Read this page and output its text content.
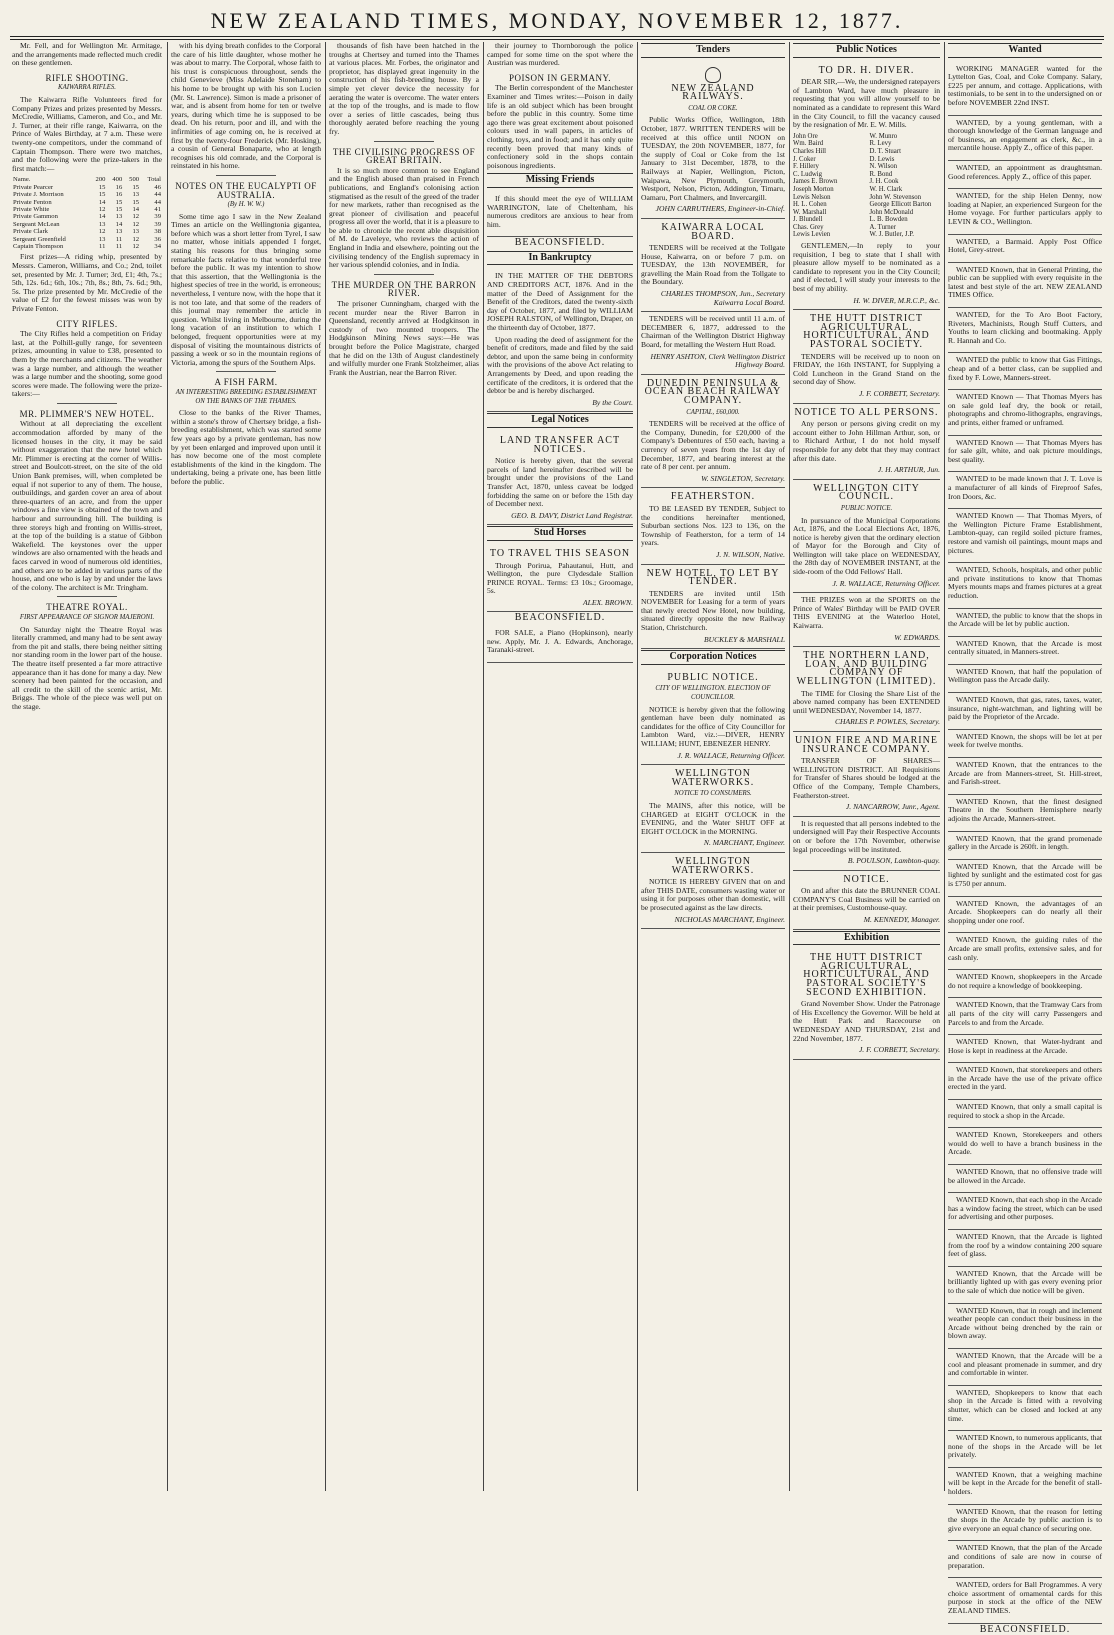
NEW ZEALAND TIMES, MONDAY, NOVEMBER 12, 1877.

Mr. Fell, and for Wellington Mr. Armitage, and the arrangements made reflected much credit on these gentlemen.

RIFLE SHOOTING.
KAIWARRA RIFLES.

The Kaiwarra Rifle Volunteers fired for Company Prizes and prizes presented by Messrs. McCredie, Williams, Cameron, and Co., and Mr. J. Turner, at their rifle range, Kaiwarra, on the Prince of Wales Birthday, at 7 a.m. These were twenty-one competitors, under the command of Captain Thompson. There were two matches, and the following were the prize-takers in the first match:—

Name.	200	400	500	Total
Private Pearcer	15	16	15	46
Private J. Morrison	15	16	13	44
Private Fenton	14	15	15	44
Private White	12	15	14	41
Private Gammon	14	13	12	39
Sergeant McLean	13	14	12	39
Private Clark	12	13	13	38
Sergeant Greenfield	13	11	12	36
Captain Thompson	11	11	12	34

First prizes—A riding whip, presented by Messrs. Cameron, Williams, and Co.; 2nd, toilet set, presented by Mr. J. Turner; 3rd, £1; 4th, 7s.; 5th, 12s. 6d.; 6th, 10s.; 7th, 8s.; 8th, 7s. 6d.; 9th, 5s. The prize presented by Mr. McCredie of the value of £2 for the fewest misses was won by Private Fenton.

CITY RIFLES.

The City Rifles held a competition on Friday last, at the Polhill-gully range, for seventeen prizes, amounting in value to £38, presented to them by the merchants and citizens. The weather was a large number, and although the weather was a large number and the shooting, some good scores were made. The following were the prize-takers:—

MR. PLIMMER'S NEW HOTEL.

Without at all depreciating the excellent accommodation afforded by many of the licensed houses in the city, it may be said without exaggeration that the new hotel which Mr. Plimmer is erecting at the corner of Willis-street and Boulcott-street, on the site of the old Union Bank premises, will, when completed be equal if not superior to any of them. The house, outbuildings, and garden cover an area of about three-quarters of an acre, and from the upper windows a fine view is obtained of the town and harbour and surrounding hill. The building is three storeys high and fronting on Willis-street, at the top of the building is a statue of Gibbon Wakefield. The keystones over the upper windows are also ornamented with the heads and faces carved in wood of numerous old identities, and others are to be added in various parts of the house, and one who is lay by and under the laws of the colony. The architect is Mr. Tringham.

THEATRE ROYAL.
FIRST APPEARANCE OF SIGNOR MAJERONI.

On Saturday night the Theatre Royal was literally crammed, and many had to be sent away from the pit and stalls, there being neither sitting nor standing room in the lower part of the house. The theatre itself presented a far more attractive appearance than it has done for many a day. New scenery had been painted for the occasion, and all credit to the skill of the scenic artist, Mr. Briggs. The whole of the piece was well put on the stage.

with his dying breath confides to the Corporal the care of his little daughter, whose mother he was about to marry. The Corporal, whose faith to his trust is conspicuous throughout, sends the child Genevieve (Miss Adelaide Stoneham) to his home to be brought up with his son Lucien (Mr. St. Lawrence). Simon is made a prisoner of war, and is absent from home for ten or twelve years, during which time he is supposed to be dead. On his return, poor and ill, and with the infirmities of age coming on, he is received at first by the twenty-four Frederick (Mr. Hosking), a cousin of General Bonaparte, who at length recognises his old comrade, and the Corporal is reinstated in his home.

NOTES ON THE EUCALYPTI OF AUSTRALIA.
(By H. W. W.)

Some time ago I saw in the New Zealand Times an article on the Wellingtonia gigantea, before which was a short letter from Tyrel, I saw no matter, whose initials appended I forget, stating his reasons for thus bringing some remarkable facts relative to that wonderful tree before the public. It was my intention to show that this assertion, that the Wellingtonia is the highest species of tree in the world, is erroneous; nevertheless, I venture now, with the hope that it is not too late, and that some of the readers of this journal may remember the article in question. Whilst living in Melbourne, during the long vacation of an institution to which I belonged, frequent opportunities were at my disposal of visiting the mountainous districts of passing a week or so in the mountain regions of Victoria, among the spurs of the Southern Alps.

A FISH FARM.
AN INTERESTING BREEDING ESTABLISHMENT ON THE BANKS OF THE THAMES.

Close to the banks of the River Thames, within a stone's throw of Chertsey bridge, a fish-breeding establishment, which was started some few years ago by a private gentleman, has now by yet been enlarged and improved upon until it has now become one of the most complete establishments of the kind in the kingdom. The undertaking, being a private one, has been little before the public.

thousands of fish have been hatched in the troughs at Chertsey and turned into the Thames at various places. Mr. Forbes, the originator and proprietor, has displayed great ingenuity in the construction of his fish-breeding house. By a simple yet clever device the necessity for aerating the water is overcome. The water enters at the top of the troughs, and is made to flow over a series of little cascades, being thus thoroughly aerated before reaching the young fry.

THE CIVILISING PROGRESS OF GREAT BRITAIN.

It is so much more common to see England and the English abused than praised in French publications, and England's colonising action stigmatised as the result of the greed of the trader for new markets, rather than recognised as the great pioneer of civilisation and peaceful progress all over the world, that it is a pleasure to be able to chronicle the recent able disquisition of M. de Laveleye, who reviews the action of England in India and elsewhere, pointing out the civilising tendency of the English supremacy in her various splendid colonies, and in India.

THE MURDER ON THE BARRON RIVER.

The prisoner Cunningham, charged with the recent murder near the River Barron in Queensland, recently arrived at Hodgkinson in custody of two mounted troopers. The Hodgkinson Mining News says:—He was brought before the Police Magistrate, charged that he did on the 13th of August clandestinely and wilfully murder one Frank Stolzheimer, alias Frank the Austrian, near the Barron River.

their journey to Thornborough the police camped for some time on the spot where the Austrian was murdered.

POISON IN GERMANY.

The Berlin correspondent of the Manchester Examiner and Times writes:—Poison in daily life is an old subject which has been brought before the public in this country. Some time ago there was great excitement about poisoned colours used in wall papers, in articles of clothing, toys, and in food; and it has only quite recently been proved that many kinds of confectionery sold in the shops contain poisonous ingredients.

Missing Friends

If this should meet the eye of WILLIAM WARRINGTON, late of Cheltenham, his numerous creditors are anxious to hear from him.

BEACONSFIELD.
In Bankruptcy

IN THE MATTER OF THE DEBTORS AND CREDITORS ACT, 1876. And in the matter of the Deed of Assignment for the Benefit of the Creditors, dated the twenty-sixth day of October, 1877, and filed by WILLIAM JOSEPH RALSTON, of Wellington, Draper, on the thirteenth day of October, 1877.

Upon reading the deed of assignment for the benefit of creditors, made and filed by the said debtor, and upon the same being in conformity with the provisions of the above Act relating to Arrangements by Deed, and upon reading the certificate of the creditors, it is ordered that the debtor be and is hereby discharged.

By the Court.
Legal Notices
LAND TRANSFER ACT NOTICES.

Notice is hereby given, that the several parcels of land hereinafter described will be brought under the provisions of the Land Transfer Act, 1870, unless caveat be lodged forbidding the same on or before the 15th day of December next.

GEO. B. DAVY, District Land Registrar.
Stud Horses
TO TRAVEL THIS SEASON

Through Porirua, Pahautanui, Hutt, and Wellington, the pure Clydesdale Stallion PRINCE ROYAL. Terms: £3 10s.; Groomage, 5s.

ALEX. BROWN.
BEACONSFIELD.

FOR SALE, a Piano (Hopkinson), nearly new. Apply, Mr. J. A. Edwards, Anchorage, Taranaki-street.

Tenders
NEW ZEALAND RAILWAYS.
COAL OR COKE.

Public Works Office, Wellington, 18th October, 1877. WRITTEN TENDERS will be received at this office until NOON on TUESDAY, the 20th NOVEMBER, 1877, for the supply of Coal or Coke from the 1st January to 31st December, 1878, to the Railways at Napier, Wellington, Picton, Waipawa, New Plymouth, Greymouth, Westport, Nelson, Picton, Addington, Timaru, Oamaru, Port Chalmers, and Invercargill.

JOHN CARRUTHERS, Engineer-in-Chief.
KAIWARRA LOCAL BOARD.

TENDERS will be received at the Tollgate House, Kaiwarra, on or before 7 p.m. on TUESDAY, the 13th NOVEMBER, for gravelling the Main Road from the Tollgate to the Boundary.

CHARLES THOMPSON, Jun., Secretary Kaiwarra Local Board.

TENDERS will be received until 11 a.m. of DECEMBER 6, 1877, addressed to the Chairman of the Wellington District Highway Board, for metalling the Western Hutt Road.

HENRY ASHTON, Clerk Wellington District Highway Board.
DUNEDIN PENINSULA & OCEAN BEACH RAILWAY COMPANY.
CAPITAL, £60,000.

TENDERS will be received at the office of the Company, Dunedin, for £20,000 of the Company's Debentures of £50 each, having a currency of seven years from the 1st day of December, 1877, and bearing interest at the rate of 8 per cent. per annum.

W. SINGLETON, Secretary.
FEATHERSTON.

TO BE LEASED BY TENDER, Subject to the conditions hereinafter mentioned, Suburban sections Nos. 123 to 136, on the Township of Featherston, for a term of 14 years.

J. N. WILSON, Native.
NEW HOTEL, TO LET BY TENDER.

TENDERS are invited until 15th NOVEMBER for Leasing for a term of years that newly erected New Hotel, now building, situated directly opposite the new Railway Station, Christchurch.

BUCKLEY & MARSHALL
Corporation Notices
PUBLIC NOTICE.
CITY OF WELLINGTON. ELECTION OF COUNCILLOR.

NOTICE is hereby given that the following gentleman have been duly nominated as candidates for the office of City Councillor for Lambton Ward, viz.:—DIVER, HENRY WILLIAM; HUNT, EBENEZER HENRY.

J. R. WALLACE, Returning Officer.
WELLINGTON WATERWORKS.
NOTICE TO CONSUMERS.

The MAINS, after this notice, will be CHARGED at EIGHT O'CLOCK in the EVENING, and the Water SHUT OFF at EIGHT O'CLOCK in the MORNING.

N. MARCHANT, Engineer.
WELLINGTON WATERWORKS.

NOTICE IS HEREBY GIVEN that on and after THIS DATE, consumers wasting water or using it for purposes other than domestic, will be prosecuted against as the law directs.

NICHOLAS MARCHANT, Engineer.
Public Notices
TO DR. H. DIVER.

DEAR SIR,—We, the undersigned ratepayers of Lambton Ward, have much pleasure in requesting that you will allow yourself to be nominated as a candidate to represent this Ward in the City Council, to fill the vacancy caused by the resignation of Mr. E. W. Mills.

John Ore	W. Munro
Wm. Baird	R. Levy
Charles Hill	D. T. Stuart
J. Coker	D. Lewis
F. Hillery	N. Wilson
C. Ludwig	R. Bond
James E. Brown	J. H. Cook
Joseph Morton	W. H. Clark
Lewis Nelson	John W. Stevenson
H. L. Cohen	George Ellicott Barton
W. Marshall	John McDonald
J. Blundell	L. B. Bowden
Chas. Grey	A. Turner
Lewis Levien	W. J. Butler, J.P.

GENTLEMEN,—In reply to your requisition, I beg to state that I shall with pleasure allow myself to be nominated as a candidate to represent you in the City Council; and if elected, I will study your interests to the best of my ability.

H. W. DIVER, M.R.C.P., &c.
THE HUTT DISTRICT AGRICULTURAL, HORTICULTURAL, AND PASTORAL SOCIETY.

TENDERS will be received up to noon on FRIDAY, the 16th INSTANT, for Supplying a Cold Luncheon in the Grand Stand on the second day of Show.

J. F. CORBETT, Secretary.
NOTICE TO ALL PERSONS.

Any person or persons giving credit on my account either to John Hillman Arthur, son, or to Richard Arthur, I do not hold myself responsible for any debt that they may contract after this date.

J. H. ARTHUR, Jun.
WELLINGTON CITY COUNCIL.
PUBLIC NOTICE.

In pursuance of the Municipal Corporations Act, 1876, and the Local Elections Act, 1876, notice is hereby given that the ordinary election of Mayor for the Borough and City of Wellington will take place on WEDNESDAY, the 28th day of NOVEMBER INSTANT, at the side-room of the Odd Fellows' Hall.

J. R. WALLACE, Returning Officer.

THE PRIZES won at the SPORTS on the Prince of Wales' Birthday will be PAID OVER THIS EVENING at the Waterloo Hotel, Kaiwarra.

W. EDWARDS.
THE NORTHERN LAND, LOAN, AND BUILDING COMPANY OF WELLINGTON (LIMITED).

The TIME for Closing the Share List of the above named company has been EXTENDED until WEDNESDAY, November 14, 1877.

CHARLES P. POWLES, Secretary.
UNION FIRE AND MARINE INSURANCE COMPANY.

TRANSFER OF SHARES—WELLINGTON DISTRICT. All Requisitions for Transfer of Shares should be lodged at the Office of the Company, Temple Chambers, Featherston-street.

J. NANCARROW, Junr., Agent.

It is requested that all persons indebted to the undersigned will Pay their Respective Accounts on or before the 17th November, otherwise legal proceedings will be instituted.

B. POULSON, Lambton-quay.
NOTICE.

On and after this date the BRUNNER COAL COMPANY'S Coal Business will be carried on at their premises, Customhouse-quay.

M. KENNEDY, Manager.
Exhibition
THE HUTT DISTRICT AGRICULTURAL, HORTICULTURAL, AND PASTORAL SOCIETY'S SECOND EXHIBITION.

Grand November Show. Under the Patronage of His Excellency the Governor. Will be held at the Hutt Park and Racecourse on WEDNESDAY AND THURSDAY, 21st and 22nd November, 1877.

J. F. CORBETT, Secretary.
Wanted

WORKING MANAGER wanted for the Lyttelton Gas, Coal, and Coke Company. Salary, £225 per annum, and cottage. Applications, with testimonials, to be sent in to the undersigned on or before NOVEMBER 22nd INST.

WANTED, by a young gentleman, with a thorough knowledge of the German language and of business, an engagement as clerk, &c., in a mercantile house. Apply Z., office of this paper.

WANTED, an appointment as draughtsman. Good references. Apply Z., office of this paper.

WANTED, for the ship Helen Denny, now loading at Napier, an experienced Surgeon for the Home voyage. For further particulars apply to LEVIN & CO., Wellington.

WANTED, a Barmaid. Apply Post Office Hotel, Grey-street.

WANTED Known, that in General Printing, the public can be supplied with every requisite in the latest and best style of the art. NEW ZEALAND TIMES Office.

WANTED, for the To Aro Boot Factory, Riveters, Machinists, Rough Stuff Cutters, and Youths to learn clicking and bootmaking. Apply R. Hannah and Co.

WANTED the public to know that Gas Fittings, cheap and of a better class, can be supplied and fixed by F. Lowe, Manners-street.

WANTED Known — That Thomas Myers has on sale gold leaf dry, the book or retail, photographs and chromo-lithographs, engravings, and prints, either framed or unframed.

WANTED Known — That Thomas Myers has for sale gilt, white, and oak picture mouldings, best quality.

WANTED to be made known that J. T. Love is a manufacturer of all kinds of Fireproof Safes, Iron Doors, &c.

WANTED Known — That Thomas Myers, of the Wellington Picture Frame Establishment, Lambton-quay, can regild soiled picture frames, restore and varnish oil paintings, mount maps and pictures.

WANTED, Schools, hospitals, and other public and private institutions to know that Thomas Myers mounts maps and frames pictures at a great reduction.

WANTED, the public to know that the shops in the Arcade will be let by public auction.

WANTED Known, that the Arcade is most centrally situated, in Manners-street.

WANTED Known, that half the population of Wellington pass the Arcade daily.

WANTED Known, that gas, rates, taxes, water, insurance, night-watchman, and lighting will be paid by the Proprietor of the Arcade.

WANTED Known, the shops will be let at per week for twelve months.

WANTED Known, that the entrances to the Arcade are from Manners-street, St. Hill-street, and Farish-street.

WANTED Known, that the finest designed Theatre in the Southern Hemisphere nearly adjoins the Arcade, Manners-street.

WANTED Known, that the grand promenade gallery in the Arcade is 260ft. in length.

WANTED Known, that the Arcade will be lighted by sunlight and the estimated cost for gas is £750 per annum.

WANTED Known, the advantages of an Arcade. Shopkeepers can do nearly all their shopping under one roof.

WANTED Known, the guiding rules of the Arcade are small profits, extensive sales, and for cash only.

WANTED Known, shopkeepers in the Arcade do not require a knowledge of bookkeeping.

WANTED Known, that the Tramway Cars from all parts of the city will carry Passengers and Parcels to and from the Arcade.

WANTED Known, that Water-hydrant and Hose is kept in readiness at the Arcade.

WANTED Known, that storekeepers and others in the Arcade have the use of the private office erected in the yard.

WANTED Known, that only a small capital is required to stock a shop in the Arcade.

WANTED Known, Storekeepers and others would do well to have a branch business in the Arcade.

WANTED Known, that no offensive trade will be allowed in the Arcade.

WANTED Known, that each shop in the Arcade has a window facing the street, which can be used for advertising and other purposes.

WANTED Known, that the Arcade is lighted from the roof by a window containing 200 square feet of glass.

WANTED Known, that the Arcade will be brilliantly lighted up with gas every evening prior to the sale of which due notice will be given.

WANTED Known, that in rough and inclement weather people can conduct their business in the Arcade without being drenched by the rain or blown away.

WANTED Known, that the Arcade will be a cool and pleasant promenade in summer, and dry and comfortable in winter.

WANTED, Shopkeepers to know that each shop in the Arcade is fitted with a revolving shutter, which can be closed and locked at any time.

WANTED Known, to numerous applicants, that none of the shops in the Arcade will be let privately.

WANTED Known, that a weighing machine will be kept in the Arcade for the benefit of stall-holders.

WANTED Known, that the reason for letting the shops in the Arcade by public auction is to give everyone an equal chance of securing one.

WANTED Known, that the plan of the Arcade and conditions of sale are now in course of preparation.

WANTED, orders for Ball Programmes. A very choice assortment of ornamental cards for this purpose in stock at the office of the NEW ZEALAND TIMES.

BEACONSFIELD.
